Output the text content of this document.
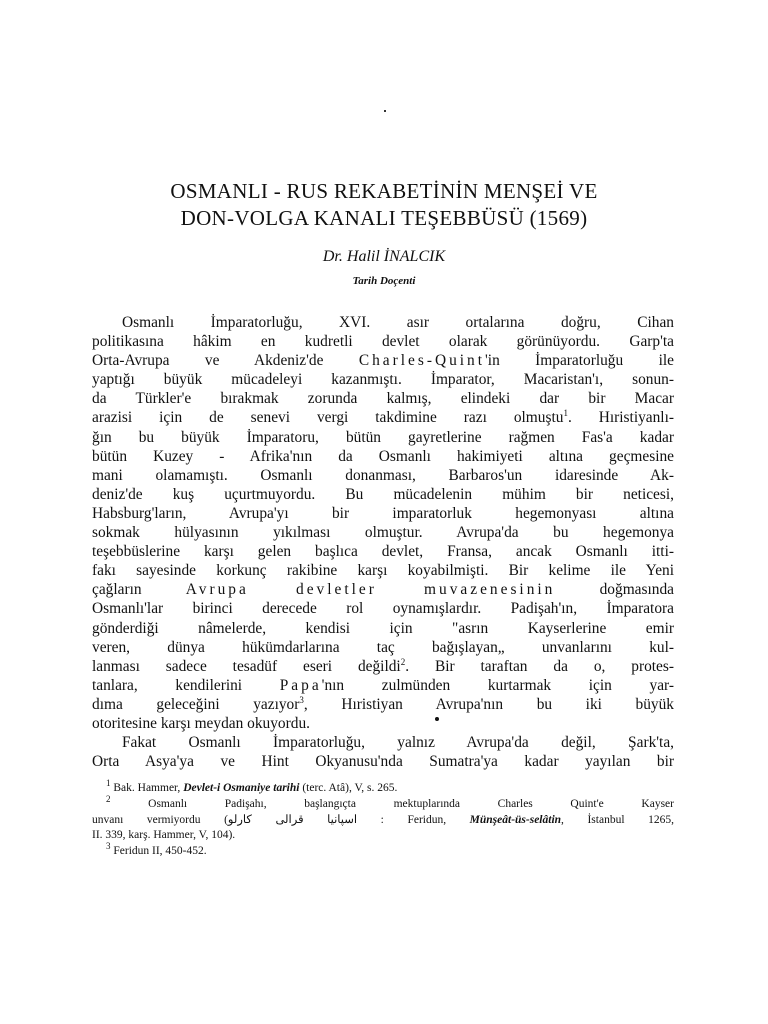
OSMANLI - RUS REKABETİNİN MENŞEİ VE
DON-VOLGA KANALI TEŞEBBÜSÜ (1569)
Dr. Halil İNALCIK
Tarih Doçenti
Osmanlı İmparatorluğu, XVI. asır ortalarına doğru, Cihan
politikasına hâkim en kudretli devlet olarak görünüyordu. Garp'ta
Orta-Avrupa ve Akdeniz'de Charles-Quint'in İmparatorluğu ile
yaptığı büyük mücadeleyi kazanmıştı. İmparator, Macaristan'ı, sonun-
da Türkler'e bırakmak zorunda kalmış, elindeki dar bir Macar
arazisi için de senevi vergi takdimine razı olmuştu$^1$. Hıristiyanlı-
ğın bu büyük İmparatoru, bütün gayretlerine rağmen Fas'a kadar
bütün Kuzey - Afrika'nın da Osmanlı hakimiyeti altına geçmesine
mani olamamıştı. Osmanlı donanması, Barbaros'un idaresinde Ak-
deniz'de kuş uçurtmuyordu. Bu mücadelenin mühim bir neticesi,
Habsburg'ların, Avrupa'yı bir imparatorluk hegemonyası altına
sokmak hülyasının yıkılması olmuştur. Avrupa'da bu hegemonya
teşebbüslerine karşı gelen başlıca devlet, Fransa, ancak Osmanlı itti-
fakı sayesinde korkunç rakibine karşı koyabilmişti. Bir kelime ile Yeni
çağların Avrupa devletler muvazenesinin doğmasında
Osmanlı'lar birinci derecede rol oynamışlardır. Padişah'ın, İmparatora
gönderdiği nâmelerde, kendisi için "asrın Kayserlerine emir
veren, dünya hükümdarlarına taç bağışlayan„ unvanlarını kul-
lanması sadece tesadüf eseri değildi$^2$. Bir taraftan da o, protes-
tanlara, kendilerini Papa'nın zulmünden kurtarmak için yar-
dıma geleceğini yazıyor$^3$, Hıristiyan Avrupa'nın bu iki büyük
otoritesine karşı meydan okuyordu.
Fakat Osmanlı İmparatorluğu, yalnız Avrupa'da değil, Şark'ta,
Orta Asya'ya ve Hint Okyanusu'nda Sumatra'ya kadar yayılan bir
$^1$ Bak. Hammer, Devlet-i Osmaniye tarihi (terc. Atâ), V, s. 265.
$^2$	Osmanlı Padişahı, başlangıçta mektuplarında Charles Quint'e Kayser
unvanı vermiyordu (اسپانیا قرالی كارلو : Feridun, Münşeât-üs-selâtin, İstanbul 1265,
II. 339, karş. Hammer, V, 104).
$^3$ Feridun II, 450-452.
